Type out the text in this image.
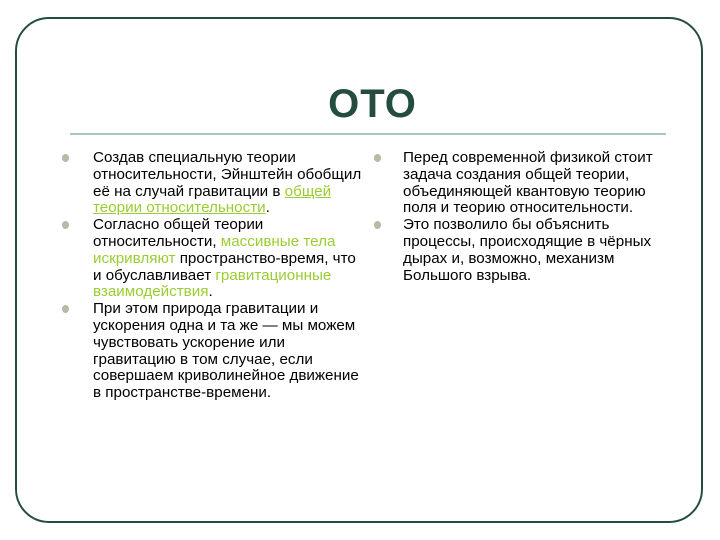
ОТО
Создав специальную теории относительности, Эйнштейн обобщил её на случай гравитации в общей теории относительности.
Согласно общей теории относительности, массивные тела искривляют пространство-время, что и обуславливает гравитационные взаимодействия.
При этом природа гравитации и ускорения одна и та же — мы можем чувствовать ускорение или гравитацию в том случае, если совершаем криволинейное движение в пространстве-времени.
Перед современной физикой стоит задача создания общей теории, объединяющей квантовую теорию поля и теорию относительности.
Это позволило бы объяснить процессы, происходящие в чёрных дырах и, возможно, механизм Большого взрыва.
